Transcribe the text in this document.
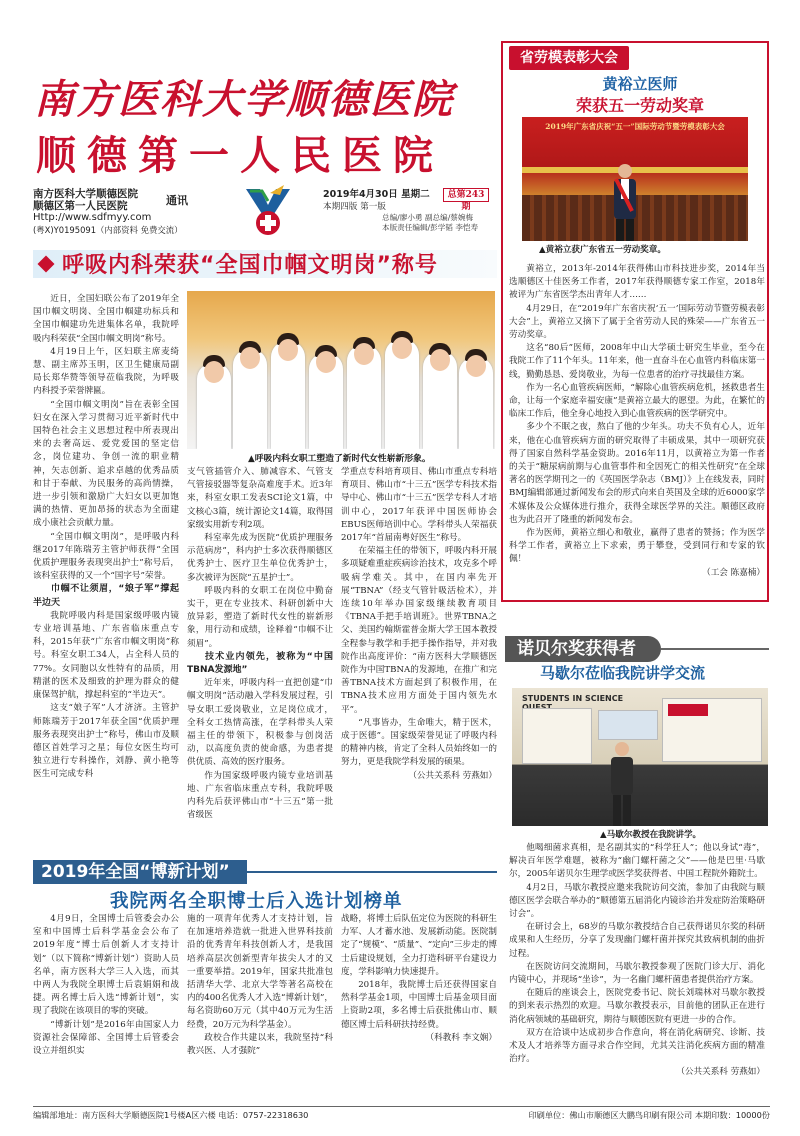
南方医科大学顺德医院
顺德第一人民医院
南方医科大学顺德医院
顺德区第一人民医院
Http://www.sdfmyy.com
(粤X)Y0195091（内部资料 免费交流）
通讯	2019年4月30日 星期二
本期四版 第一版
总第243期
总编/廖小勇 副总编/蔡婉梅
本版责任编辑/彭学韬 李恺寿
呼吸内科荣获“全国巾帼文明岗”称号
▲呼吸内科女职工塑造了新时代女性崭新形象。

近日，全国妇联公布了2019年全国巾帼文明岗、全国巾帼建功标兵和全国巾帼建功先进集体名单，我院呼吸内科荣获“全国巾帼文明岗”称号。

4月19日上午，区妇联主席麦绮慧、副主席苏玉明，区卫生健康局副局长郑华赞等领导莅临我院，为呼吸内科授予荣誉牌匾。

“全国巾帼文明岗”旨在表彰全国妇女在深入学习贯彻习近平新时代中国特色社会主义思想过程中所表现出来的去奢高远、爱党爱国的坚定信念，岗位建功、争创一流的职业精神，矢志创新、追求卓越的优秀品质和甘于奉献、为民服务的高尚情操，进一步引领和激励广大妇女以更加饱满的热情、更加昂扬的状态为全面建成小康社会贡献力量。

“全国巾帼文明岗”，是呼吸内科继2017年陈瑞芳主管护师获得“全国优质护理服务表现突出护士”称号后，该科室获得的又一个“国字号”荣誉。

巾帼不让须眉，“娘子军”撑起半边天

我院呼吸内科是国家级呼吸内镜专业培训基地、广东省临床重点专科，2015年获“广东省巾帼文明岗”称号。科室女职工34人，占全科人员的77%。女同胞以女性特有的品质，用精湛的医术及细致的护理为群众的健康保驾护航，撑起科室的“半边天”。

这支“娘子军”人才济济。主管护师陈瑞芳于2017年获全国“优质护理服务表现突出护士”称号，佛山市及顺德区首姓学习之星；每位女医生均可独立进行专科操作，刘静、黄小艳等医生可完成专科

支气管插管介入、肺减容术、气管支气管接驳器等复杂高难度手术。近3年来，科室女职工发表SCI论文1篇，中文核心3篇，统计源论文14篇，取得国家级实用新专利2项。

科室率先成为医院“优质护理服务示范病房”，科内护士多次获得顺德区优秀护士、医疗卫生单位优秀护士，多次被评为医院“五星护士”。

呼吸内科的女职工在岗位中勤奋实干，更在专业技术、科研创新中大放异彩，塑造了新时代女性的崭新形象，用行动和成绩，诠释着“巾帼不让须眉”。

技术业内领先，被称为“中国TBNA发源地”

近年来，呼吸内科一直把创建“巾帼文明岗”活动融入学科发展过程，引导女职工爱岗敬业，立足岗位成才，全科女工热情高涨，在学科带头人荣福主任的带领下，积极参与创岗活动，以高度负责的使命感，为患者提供优质、高效的医疗服务。

作为国家级呼吸内镜专业培训基地、广东省临床重点专科，我院呼吸内科先后获评佛山市“十三五”第一批省级医

学重点专科培育项目、佛山市重点专科培育项目、佛山市“十三五”医学专科技术指导中心、佛山市“十三五”医学专科人才培训中心，2017年获评中国医师协会EBUS医师培训中心。学科带头人荣福获2017年“首届南粤好医生”称号。

在荣福主任的带领下，呼吸内科开展多项疑难重症疾病诊治技术，攻克多个呼吸病学难关。其中，在国内率先开展“TBNA”（经支气管针吸活检术），并连续10年举办国家级继续教育项目《TBNA手把手培训班》。世界TBNA之父、美国约翰斯霍普金斯大学王国本教授全程参与教学和手把手操作指导，并对我院作出高度评价：“南方医科大学顺德医院作为中国TBNA的发源地，在推广和完善TBNA技术方面起到了积极作用，在TBNA技术应用方面处于国内领先水平”。

“凡事皆办，生命唯大，精于医术，成于医德”。国家级荣誉见证了呼吸内科的精神内核，肯定了全科人员始终如一的努力，更是我院学科发展的硕果。

（公共关系科 劳燕如）
2019年全国“博新计划”
我院两名全职博士后入选计划榜单

4月9日，全国博士后管委会办公室和中国博士后科学基金会公布了2019年度“博士后创新人才支持计划”（以下简称“博新计划”）资助人员名单，南方医科大学三人入选，而其中两人为我院全职博士后袁娟娟和战捷。两名博士后入选“博新计划”，实现了我院在该项目的零的突破。

“博新计划”是2016年由国家人力资源社会保障部、全国博士后管委会设立并组织实

施的一项青年优秀人才支持计划，旨在加速培养造就一批进入世界科技前沿的优秀青年科技创新人才，是我国培养高层次创新型青年拔尖人才的又一重要举措。2019年，国家共批准包括清华大学、北京大学等著名高校在内的400名优秀人才入选“博新计划”，每名资助60万元（其中40万元为生活经费，20万元为科学基金）。

政校合作共建以来，我院坚持“科教兴医、人才强院”

战略，将博士后队伍定位为医院的科研生力军、人才蓄水池、发展新动能。医院制定了“规模”、“质量”、“定向”三步走的博士后建设规划，全力打造科研平台建设力度，学科影响力快速提升。

2018年，我院博士后还获得国家自然科学基金1项，中国博士后基金项目面上资助2项，多名博士后获批佛山市、顺德区博士后科研扶持经费。

（科教科 李文娴）
省劳模表彰大会
黄裕立医师
荣获五一劳动奖章
2019年广东省庆祝“五一”国际劳动节暨劳模表彰大会
▲黄裕立获广东省五一劳动奖章。

黄裕立，2013年-2014年获得佛山市科技进步奖，2014年当选顺德区十佳医务工作者，2017年获得顺德专家工作室，2018年被评为广东省医学杰出青年人才……

4月29日，在“2019年广东省庆祝‘五一’国际劳动节暨劳模表彰大会”上，黄裕立又摘下了属于全省劳动人民的殊荣——广东省五一劳动奖章。

这名“80后”医师，2008年中山大学硕士研究生毕业，至今在我院工作了11个年头。11年来，他一直奋斗在心血管内科临床第一线，勤勤恳恳、爱岗敬业，为每一位患者的治疗寻找最佳方案。

作为一名心血管疾病医师，“解除心血管疾病危机，拯救患者生命，让每一个家庭幸福安康”是黄裕立最大的愿望。为此，在繁忙的临床工作后，他全身心地投入到心血管疾病的医学研究中。

多少个不眠之夜，熬白了他的少年头。功夫不负有心人，近年来，他在心血管疾病方面的研究取得了丰硕成果，其中一项研究获得了国家自然科学基金资助。2016年11月，以黄裕立为第一作者的关于“糖尿病前期与心血管事件和全因死亡的相关性研究”在全球著名的医学期刊之一的《英国医学杂志（BMJ）》上在线发表，同时BMJ编辑部通过新闻发布会的形式向来自英国及全球的近6000家学术媒体及公众媒体进行推介，获得全球医学界的关注。顺德区政府也为此召开了隆重的新闻发布会。

作为医师，黄裕立细心和敬业，赢得了患者的赞扬；作为医学科学工作者，黄裕立上下求索，勇于攀登，受到同行和专家的钦佩！

（工会 陈嘉楠）
诺贝尔奖获得者
马歇尔莅临我院讲学交流
STUDENTS IN SCIENCE
▲马歇尔教授在我院讲学。

他喝细菌求真相，是名副其实的“科学狂人”；他以身试“毒”，解决百年医学难题，被称为“幽门螺杆菌之父”——他是巴里·马歇尔，2005年诺贝尔生理学或医学奖获得者、中国工程院外籍院士。

4月2日，马歇尔教授应邀来我院访问交流，参加了由我院与顺德区医学会联合举办的“顺德第五届消化内镜诊治并发症防治策略研讨会”。

在研讨会上，68岁的马歇尔教授结合自己获得诺贝尔奖的科研成果和人生经历，分享了发现幽门螺杆菌并探究其致病机制的曲折过程。

在医院访问交流期间，马歇尔教授参观了医院门诊大厅、消化内镜中心，并现场“坐诊”，为一名幽门螺杆菌患者提供治疗方案。

在随后的座谈会上，医院党委书记、院长刘瑞林对马歇尔教授的到来表示热烈的欢迎。马歇尔教授表示，目前他的团队正在进行消化病领域的基础研究，期待与顺德医院有更进一步的合作。

双方在洽谈中达成初步合作意向，将在消化病研究、诊断、技术及人才培养等方面寻求合作空间，尤其关注消化疾病方面的精准治疗。

（公共关系科 劳燕如）
编辑部地址：南方医科大学顺德医院1号楼A区六楼 电话：0757-22318630	印刷单位：佛山市顺德区大鹏鸟印刷有限公司 本期印数：10000份
